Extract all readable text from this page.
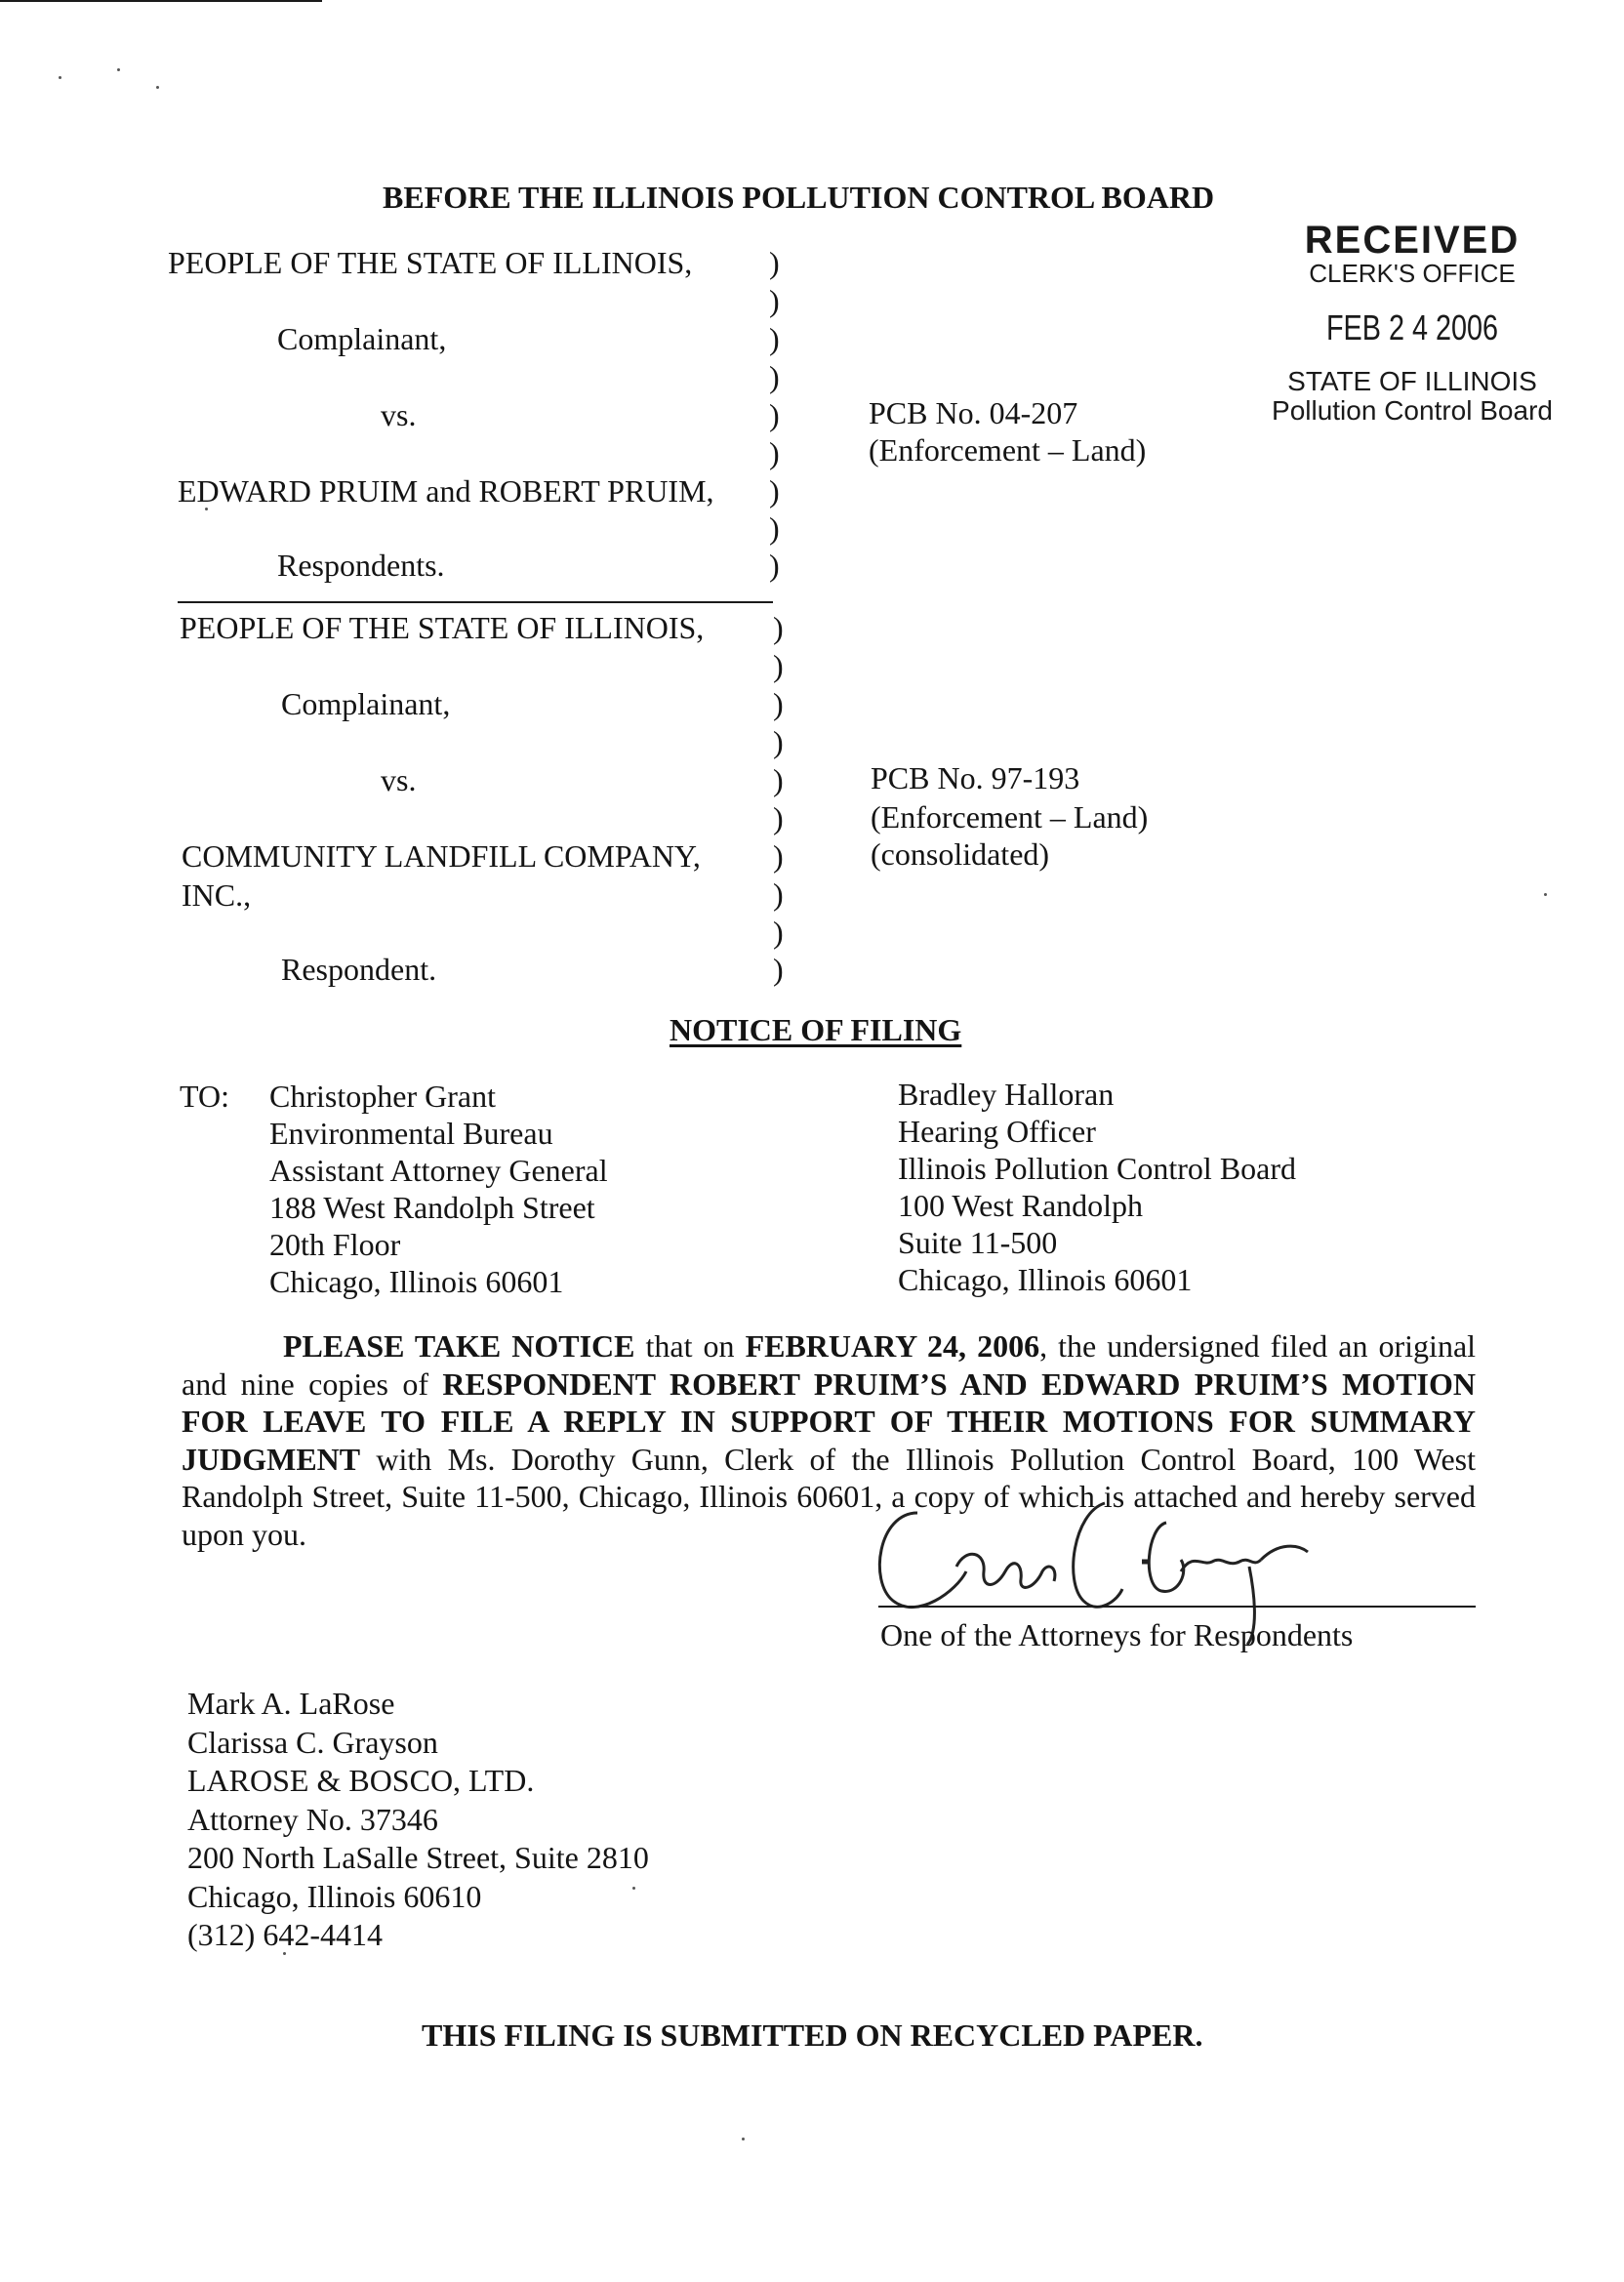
BEFORE THE ILLINOIS POLLUTION CONTROL BOARD
RECEIVED
CLERK'S OFFICE
FEB 2 4 2006
STATE OF ILLINOIS
Pollution Control Board
PEOPLE OF THE STATE OF ILLINOIS,
Complainant,
vs.
EDWARD PRUIM and ROBERT PRUIM,
Respondents.
PCB No. 04-207
(Enforcement – Land)
)
)
)
)
)
)
)
)
)
PEOPLE OF THE STATE OF ILLINOIS,
Complainant,
vs.
COMMUNITY LANDFILL COMPANY,
INC.,
Respondent.
PCB No. 97-193
(Enforcement – Land)
(consolidated)
)
)
)
)
)
)
)
)
)
)
NOTICE OF FILING
TO: Christopher Grant
Environmental Bureau
Assistant Attorney General
188 West Randolph Street
20th Floor
Chicago, Illinois 60601
Bradley Halloran
Hearing Officer
Illinois Pollution Control Board
100 West Randolph
Suite 11-500
Chicago, Illinois 60601
PLEASE TAKE NOTICE that on FEBRUARY 24, 2006, the undersigned filed an original and nine copies of RESPONDENT ROBERT PRUIM’S AND EDWARD PRUIM’S MOTION FOR LEAVE TO FILE A REPLY IN SUPPORT OF THEIR MOTIONS FOR SUMMARY JUDGMENT with Ms. Dorothy Gunn, Clerk of the Illinois Pollution Control Board, 100 West Randolph Street, Suite 11-500, Chicago, Illinois 60601, a copy of which is attached and hereby served upon you.
One of the Attorneys for Respondents
Mark A. LaRose
Clarissa C. Grayson
LAROSE & BOSCO, LTD.
Attorney No. 37346
200 North LaSalle Street, Suite 2810
Chicago, Illinois 60610
(312) 642-4414
THIS FILING IS SUBMITTED ON RECYCLED PAPER.
